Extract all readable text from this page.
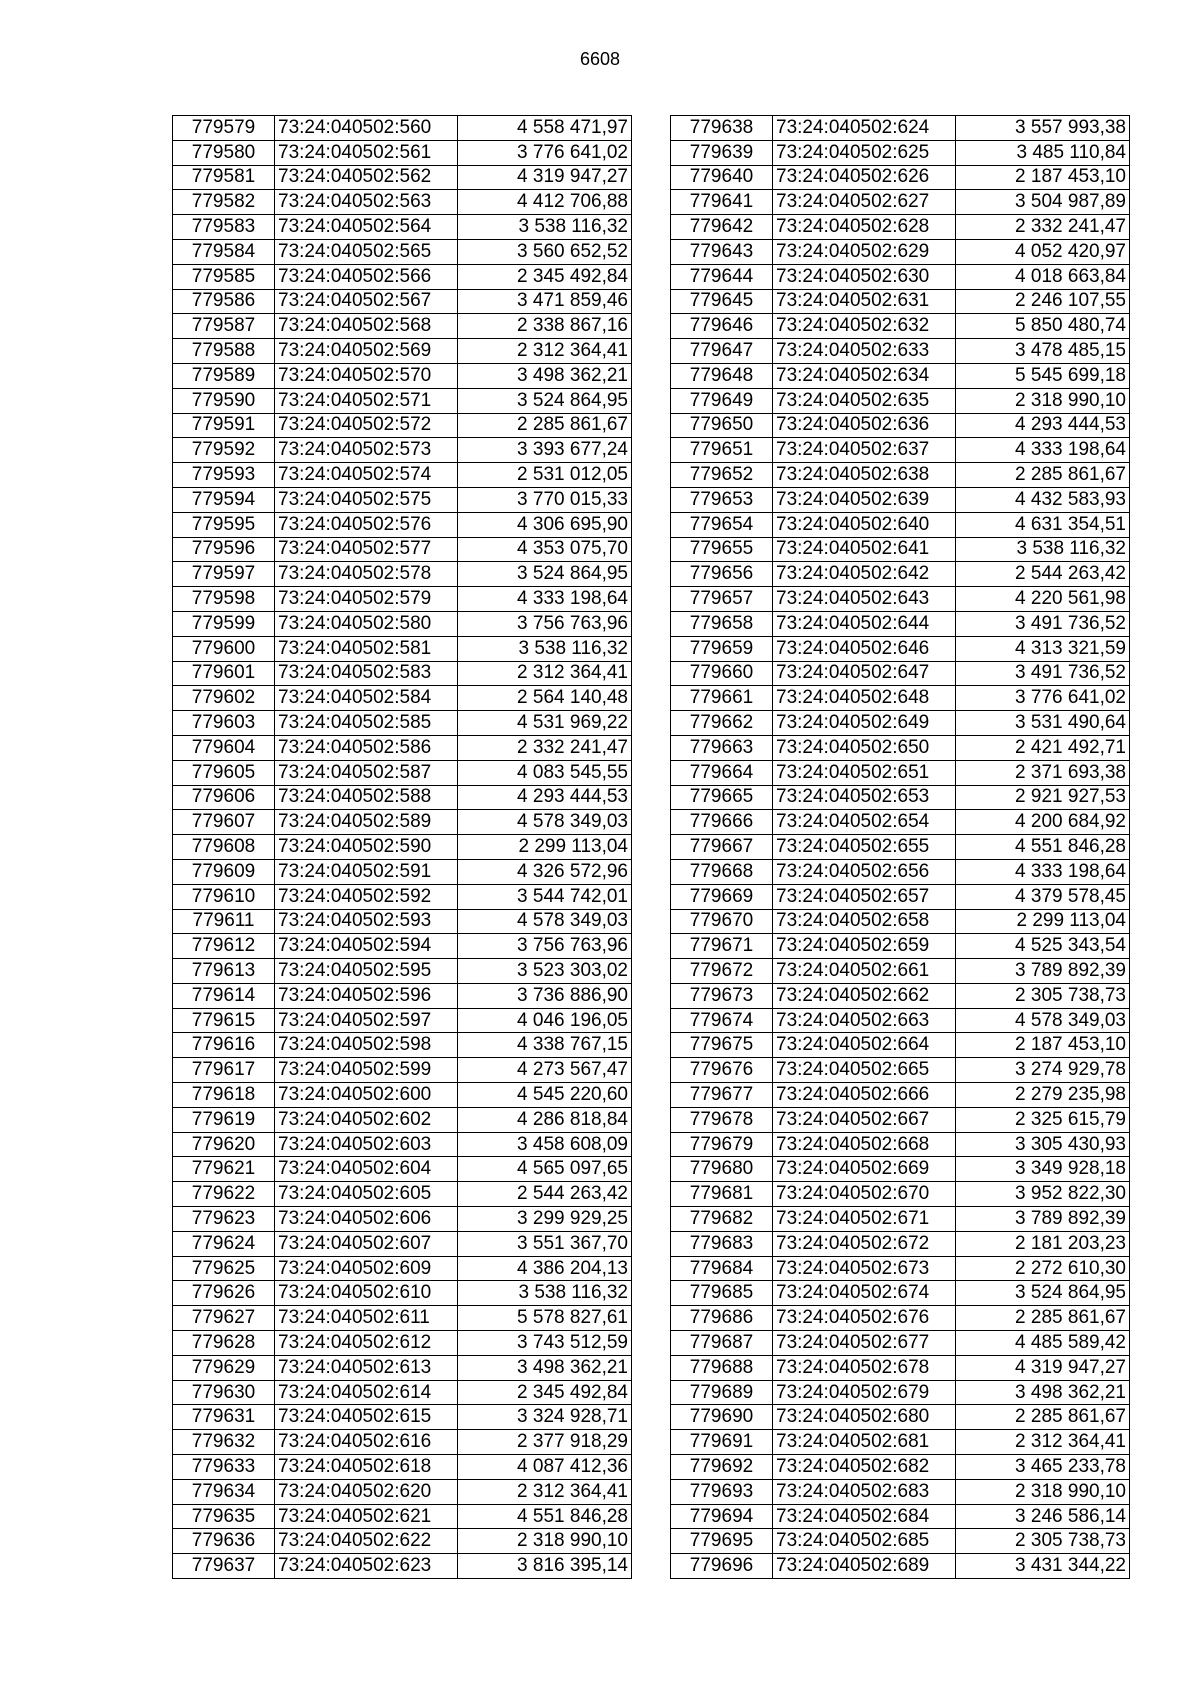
6608
779579	73:24:040502:560	4 558 471,97
779580	73:24:040502:561	3 776 641,02
779581	73:24:040502:562	4 319 947,27
779582	73:24:040502:563	4 412 706,88
779583	73:24:040502:564	3 538 116,32
779584	73:24:040502:565	3 560 652,52
779585	73:24:040502:566	2 345 492,84
779586	73:24:040502:567	3 471 859,46
779587	73:24:040502:568	2 338 867,16
779588	73:24:040502:569	2 312 364,41
779589	73:24:040502:570	3 498 362,21
779590	73:24:040502:571	3 524 864,95
779591	73:24:040502:572	2 285 861,67
779592	73:24:040502:573	3 393 677,24
779593	73:24:040502:574	2 531 012,05
779594	73:24:040502:575	3 770 015,33
779595	73:24:040502:576	4 306 695,90
779596	73:24:040502:577	4 353 075,70
779597	73:24:040502:578	3 524 864,95
779598	73:24:040502:579	4 333 198,64
779599	73:24:040502:580	3 756 763,96
779600	73:24:040502:581	3 538 116,32
779601	73:24:040502:583	2 312 364,41
779602	73:24:040502:584	2 564 140,48
779603	73:24:040502:585	4 531 969,22
779604	73:24:040502:586	2 332 241,47
779605	73:24:040502:587	4 083 545,55
779606	73:24:040502:588	4 293 444,53
779607	73:24:040502:589	4 578 349,03
779608	73:24:040502:590	2 299 113,04
779609	73:24:040502:591	4 326 572,96
779610	73:24:040502:592	3 544 742,01
779611	73:24:040502:593	4 578 349,03
779612	73:24:040502:594	3 756 763,96
779613	73:24:040502:595	3 523 303,02
779614	73:24:040502:596	3 736 886,90
779615	73:24:040502:597	4 046 196,05
779616	73:24:040502:598	4 338 767,15
779617	73:24:040502:599	4 273 567,47
779618	73:24:040502:600	4 545 220,60
779619	73:24:040502:602	4 286 818,84
779620	73:24:040502:603	3 458 608,09
779621	73:24:040502:604	4 565 097,65
779622	73:24:040502:605	2 544 263,42
779623	73:24:040502:606	3 299 929,25
779624	73:24:040502:607	3 551 367,70
779625	73:24:040502:609	4 386 204,13
779626	73:24:040502:610	3 538 116,32
779627	73:24:040502:611	5 578 827,61
779628	73:24:040502:612	3 743 512,59
779629	73:24:040502:613	3 498 362,21
779630	73:24:040502:614	2 345 492,84
779631	73:24:040502:615	3 324 928,71
779632	73:24:040502:616	2 377 918,29
779633	73:24:040502:618	4 087 412,36
779634	73:24:040502:620	2 312 364,41
779635	73:24:040502:621	4 551 846,28
779636	73:24:040502:622	2 318 990,10
779637	73:24:040502:623	3 816 395,14
779638	73:24:040502:624	3 557 993,38
779639	73:24:040502:625	3 485 110,84
779640	73:24:040502:626	2 187 453,10
779641	73:24:040502:627	3 504 987,89
779642	73:24:040502:628	2 332 241,47
779643	73:24:040502:629	4 052 420,97
779644	73:24:040502:630	4 018 663,84
779645	73:24:040502:631	2 246 107,55
779646	73:24:040502:632	5 850 480,74
779647	73:24:040502:633	3 478 485,15
779648	73:24:040502:634	5 545 699,18
779649	73:24:040502:635	2 318 990,10
779650	73:24:040502:636	4 293 444,53
779651	73:24:040502:637	4 333 198,64
779652	73:24:040502:638	2 285 861,67
779653	73:24:040502:639	4 432 583,93
779654	73:24:040502:640	4 631 354,51
779655	73:24:040502:641	3 538 116,32
779656	73:24:040502:642	2 544 263,42
779657	73:24:040502:643	4 220 561,98
779658	73:24:040502:644	3 491 736,52
779659	73:24:040502:646	4 313 321,59
779660	73:24:040502:647	3 491 736,52
779661	73:24:040502:648	3 776 641,02
779662	73:24:040502:649	3 531 490,64
779663	73:24:040502:650	2 421 492,71
779664	73:24:040502:651	2 371 693,38
779665	73:24:040502:653	2 921 927,53
779666	73:24:040502:654	4 200 684,92
779667	73:24:040502:655	4 551 846,28
779668	73:24:040502:656	4 333 198,64
779669	73:24:040502:657	4 379 578,45
779670	73:24:040502:658	2 299 113,04
779671	73:24:040502:659	4 525 343,54
779672	73:24:040502:661	3 789 892,39
779673	73:24:040502:662	2 305 738,73
779674	73:24:040502:663	4 578 349,03
779675	73:24:040502:664	2 187 453,10
779676	73:24:040502:665	3 274 929,78
779677	73:24:040502:666	2 279 235,98
779678	73:24:040502:667	2 325 615,79
779679	73:24:040502:668	3 305 430,93
779680	73:24:040502:669	3 349 928,18
779681	73:24:040502:670	3 952 822,30
779682	73:24:040502:671	3 789 892,39
779683	73:24:040502:672	2 181 203,23
779684	73:24:040502:673	2 272 610,30
779685	73:24:040502:674	3 524 864,95
779686	73:24:040502:676	2 285 861,67
779687	73:24:040502:677	4 485 589,42
779688	73:24:040502:678	4 319 947,27
779689	73:24:040502:679	3 498 362,21
779690	73:24:040502:680	2 285 861,67
779691	73:24:040502:681	2 312 364,41
779692	73:24:040502:682	3 465 233,78
779693	73:24:040502:683	2 318 990,10
779694	73:24:040502:684	3 246 586,14
779695	73:24:040502:685	2 305 738,73
779696	73:24:040502:689	3 431 344,22
